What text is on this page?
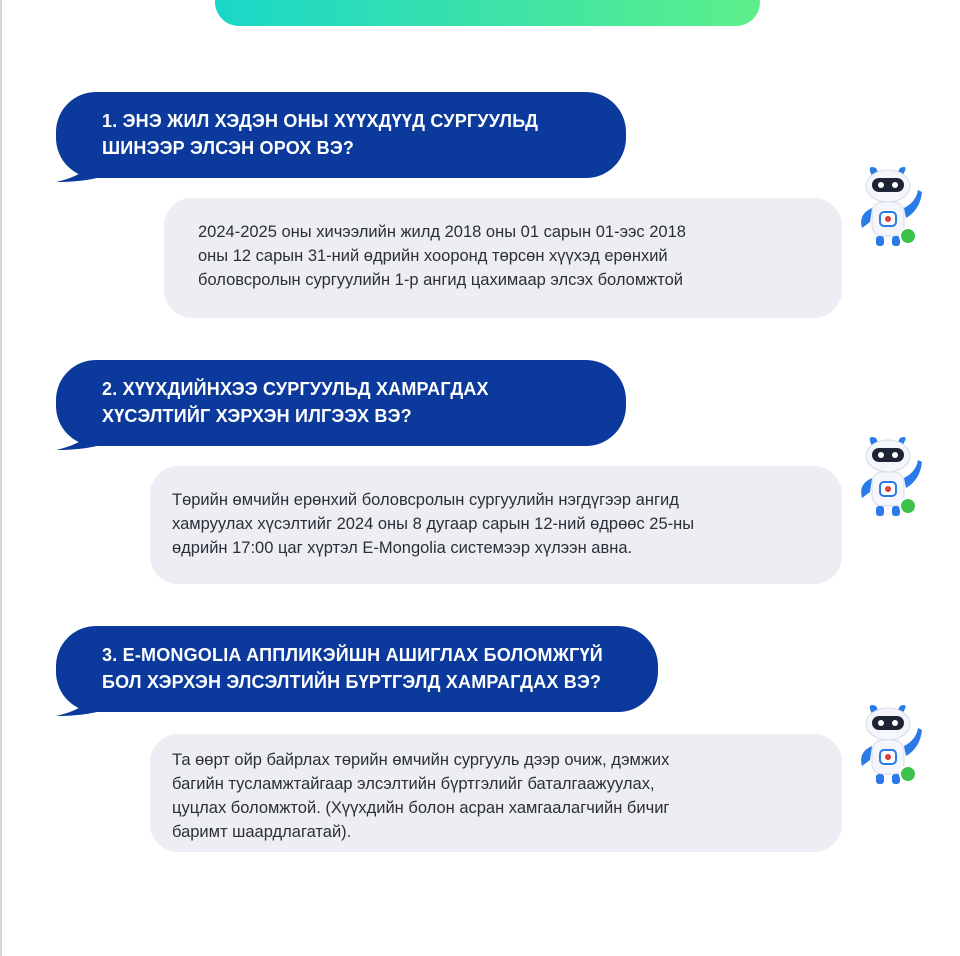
1. ЭНЭ ЖИЛ ХЭДЭН ОНЫ ХҮҮХДҮҮД СУРГУУЛЬД
ШИНЭЭР ЭЛСЭН ОРОХ ВЭ?
2024-2025 оны хичээлийн жилд 2018 оны 01 сарын 01-ээс 2018
оны 12 сарын 31-ний өдрийн хооронд төрсөн хүүхэд ерөнхий
боловсролын сургуулийн 1-р ангид цахимаар элсэх боломжтой
2. ХҮҮХДИЙНХЭЭ СУРГУУЛЬД ХАМРАГДАХ
ХҮСЭЛТИЙГ ХЭРХЭН ИЛГЭЭХ ВЭ?
Төрийн өмчийн ерөнхий боловсролын сургуулийн нэгдүгээр ангид
хамруулах хүсэлтийг 2024 оны 8 дугаар сарын 12-ний өдрөөс 25-ны
өдрийн 17:00 цаг хүртэл E-Mongolia системээр хүлээн авна.
3. E-MONGOLIA АППЛИКЭЙШН АШИГЛАХ БОЛОМЖГҮЙ
БОЛ ХЭРХЭН ЭЛСЭЛТИЙН БҮРТГЭЛД ХАМРАГДАХ ВЭ?
Та өөрт ойр байрлах төрийн өмчийн сургууль дээр очиж, дэмжих
багийн тусламжтайгаар элсэлтийн бүртгэлийг баталгаажуулах,
цуцлах боломжтой. (Хүүхдийн болон асран хамгаалагчийн бичиг
баримт шаардлагатай).
